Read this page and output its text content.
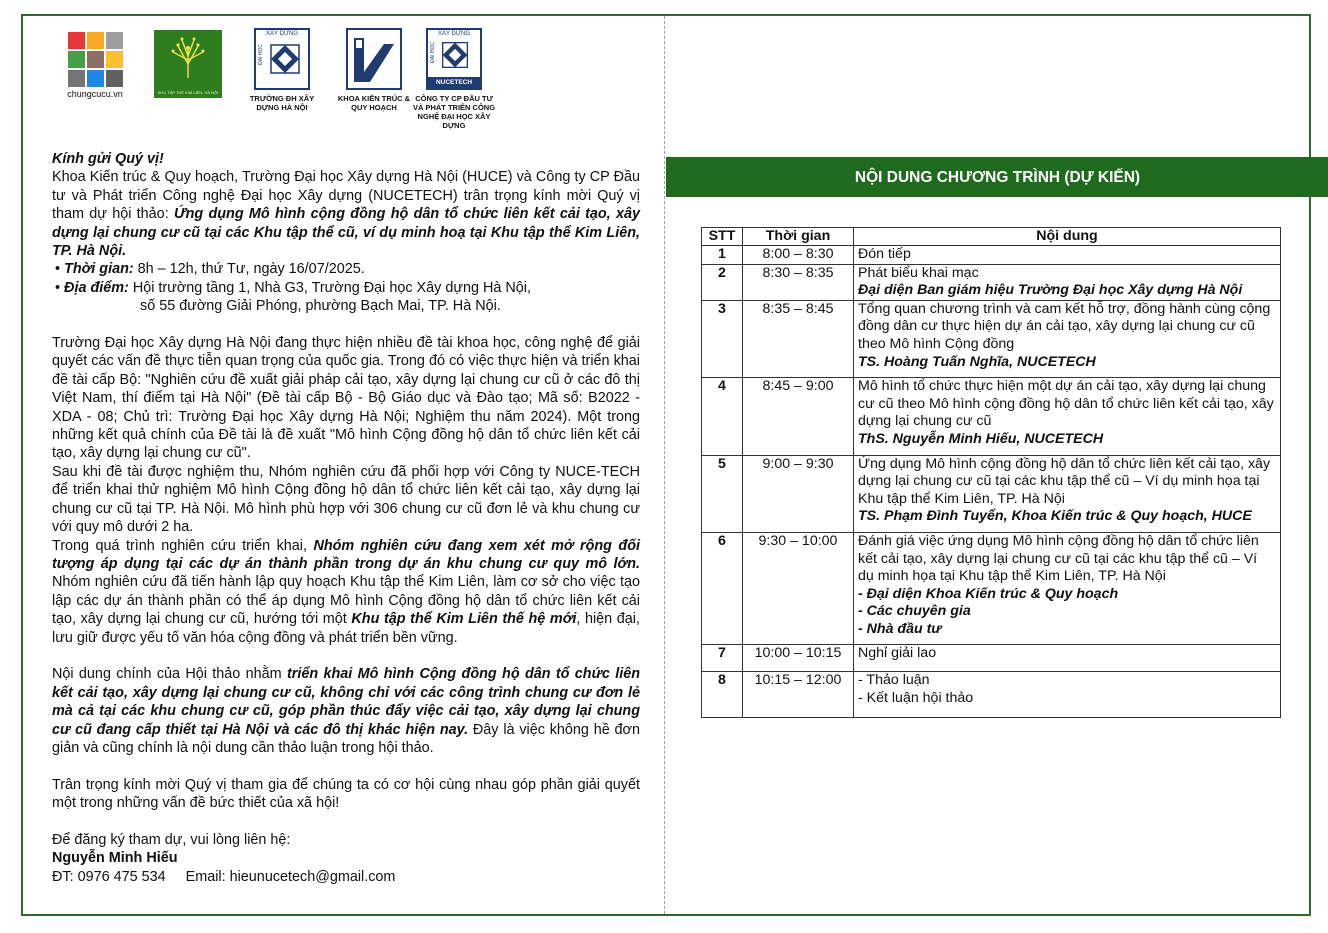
chungcucu.vn	KHU TẬP THỂ KIM LIÊN, HÀ NỘI
XÂY DỰNG
ĐẠI HỌC
TRƯỜNG ĐH XÂY DỰNG HÀ NỘI
KHOA KIẾN TRÚC & QUY HOẠCH
XÂY DỰNG
ĐẠI HỌC
NUCETECH
CÔNG TY CP ĐẦU TƯ VÀ PHÁT TRIỂN CÔNG NGHỆ ĐẠI HỌC XÂY DỰNG

Kính gửi Quý vị!

Khoa Kiến trúc & Quy hoạch, Trường Đại học Xây dựng Hà Nội (HUCE) và Công ty CP Đầu tư và Phát triển Công nghệ Đại học Xây dựng (NUCETECH) trân trọng kính mời Quý vị tham dự hội thảo: Ứng dụng Mô hình cộng đồng hộ dân tổ chức liên kết cải tạo, xây dựng lại chung cư cũ tại các Khu tập thể cũ, ví dụ minh hoạ tại Khu tập thể Kim Liên, TP. Hà Nội.

• Thời gian: 8h – 12h, thứ Tư, ngày 16/07/2025.

• Địa điểm: Hội trường tầng 1, Nhà G3, Trường Đại học Xây dựng Hà Nội,

số 55 đường Giải Phóng, phường Bạch Mai, TP. Hà Nội.

Trường Đại học Xây dựng Hà Nội đang thực hiện nhiều đề tài khoa học, công nghệ để giải quyết các vấn đề thực tiễn quan trọng của quốc gia. Trong đó có việc thực hiện và triển khai đề tài cấp Bộ: "Nghiên cứu đề xuất giải pháp cải tạo, xây dựng lại chung cư cũ ở các đô thị Việt Nam, thí điểm tại Hà Nội" (Đề tài cấp Bộ - Bộ Giáo dục và Đào tạo; Mã số: B2022 - XDA - 08; Chủ trì: Trường Đại học Xây dựng Hà Nội; Nghiệm thu năm 2024). Một trong những kết quả chính của Đề tài là đề xuất "Mô hình Cộng đồng hộ dân tổ chức liên kết cải tạo, xây dựng lại chung cư cũ".

Sau khi đề tài được nghiệm thu, Nhóm nghiên cứu đã phối hợp với Công ty NUCE-TECH để triển khai thử nghiệm Mô hình Cộng đồng hộ dân tổ chức liên kết cải tạo, xây dựng lại chung cư cũ tại TP. Hà Nội. Mô hình phù hợp với 306 chung cư cũ đơn lẻ và khu chung cư với quy mô dưới 2 ha.

Trong quá trình nghiên cứu triển khai, Nhóm nghiên cứu đang xem xét mở rộng đối tượng áp dụng tại các dự án thành phần trong dự án khu chung cư quy mô lớn. Nhóm nghiên cứu đã tiến hành lập quy hoạch Khu tập thể Kim Liên, làm cơ sở cho việc tạo lập các dự án thành phần có thể áp dụng Mô hình Cộng đồng hộ dân tổ chức liên kết cải tạo, xây dựng lại chung cư cũ, hướng tới một Khu tập thể Kim Liên thế hệ mới, hiện đại, lưu giữ được yếu tố văn hóa cộng đồng và phát triển bền vững.

Nội dung chính của Hội thảo nhằm triển khai Mô hình Cộng đồng hộ dân tổ chức liên kết cải tạo, xây dựng lại chung cư cũ, không chỉ với các công trình chung cư đơn lẻ mà cả tại các khu chung cư cũ, góp phần thúc đẩy việc cải tạo, xây dựng lại chung cư cũ đang cấp thiết tại Hà Nội và các đô thị khác hiện nay. Đây là việc không hề đơn giản và cũng chính là nội dung cần thảo luận trong hội thảo.

Trân trọng kính mời Quý vị tham gia để chúng ta có cơ hội cùng nhau góp phần giải quyết một trong những vấn đề bức thiết của xã hội!

Để đăng ký tham dự, vui lòng liên hệ:

Nguyễn Minh Hiếu

ĐT: 0976 475 534 Email: hieunucetech@gmail.com

NỘI DUNG CHƯƠNG TRÌNH (DỰ KIẾN)
STT	Thời gian	Nội dung
1	8:00 – 8:30	Đón tiếp

2	8:30 – 8:35	Phát biểu khai mạc
Đại diện Ban giám hiệu Trường Đại học Xây dựng Hà Nội

3	8:35 – 8:45	Tổng quan chương trình và cam kết hỗ trợ, đồng hành cùng cộng đồng dân cư thực hiện dự án cải tạo, xây dựng lại chung cư cũ theo Mô hình Cộng đồng
TS. Hoàng Tuấn Nghĩa, NUCETECH

4	8:45 – 9:00	Mô hình tổ chức thực hiện một dự án cải tạo, xây dựng lại chung cư cũ theo Mô hình cộng đồng hộ dân tổ chức liên kết cải tạo, xây dựng lại chung cư cũ
ThS. Nguyễn Minh Hiếu, NUCETECH

5	9:00 – 9:30	Ứng dụng Mô hình cộng đồng hộ dân tổ chức liên kết cải tạo, xây dựng lại chung cư cũ tại các khu tập thể cũ – Ví dụ minh họa tại Khu tập thể Kim Liên, TP. Hà Nội
TS. Phạm Đình Tuyển, Khoa Kiến trúc & Quy hoạch, HUCE

6	9:30 – 10:00	Đánh giá việc ứng dụng Mô hình cộng đồng hộ dân tổ chức liên kết cải tạo, xây dựng lại chung cư cũ tại các khu tập thể cũ – Ví dụ minh họa tại Khu tập thể Kim Liên, TP. Hà Nội
- Đại diện Khoa Kiến trúc & Quy hoạch
- Các chuyên gia
- Nhà đầu tư

7	10:00 – 10:15	Nghỉ giải lao

8	10:15 – 12:00	- Thảo luận
- Kết luận hội thảo
